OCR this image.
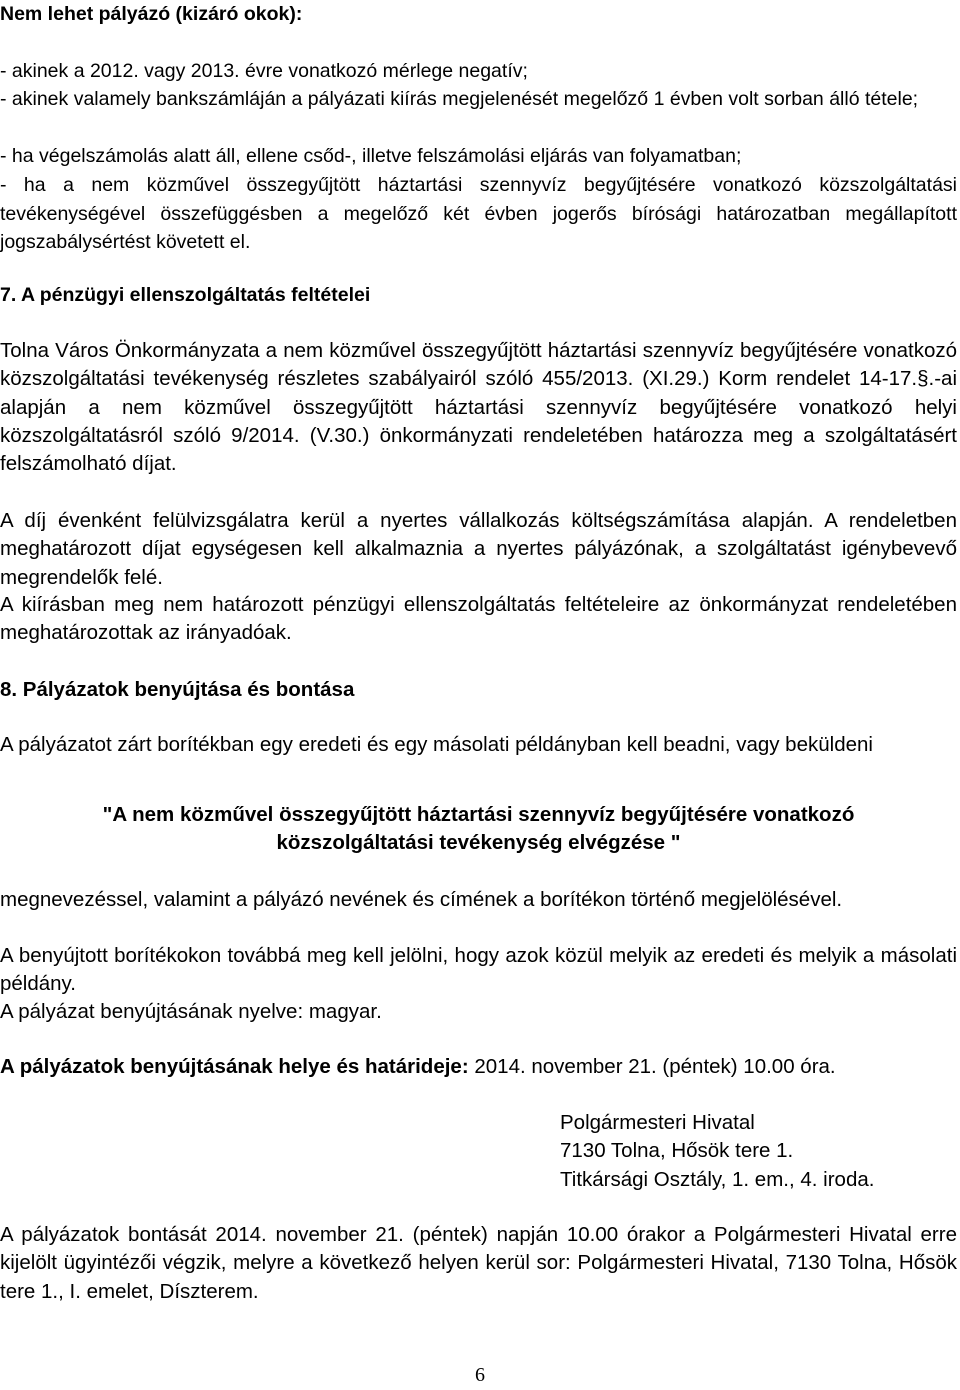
Nem lehet pályázó (kizáró okok):
- akinek a 2012. vagy 2013. évre vonatkozó mérlege negatív;
- akinek valamely bankszámláján a pályázati kiírás megjelenését megelőző 1 évben volt sorban álló tétele;
- ha végelszámolás alatt áll, ellene csőd-, illetve felszámolási eljárás van folyamatban;
- ha a nem közművel összegyűjtött háztartási szennyvíz begyűjtésére vonatkozó közszolgáltatási tevékenységével összefüggésben a megelőző két évben jogerős bírósági határozatban megállapított jogszabálysértést követett el.
7. A pénzügyi ellenszolgáltatás feltételei
Tolna Város Önkormányzata a nem közművel összegyűjtött háztartási szennyvíz begyűjtésére vonatkozó közszolgáltatási tevékenység részletes szabályairól szóló 455/2013. (XI.29.) Korm rendelet 14-17.§.-ai alapján a nem közművel összegyűjtött háztartási szennyvíz begyűjtésére vonatkozó helyi közszolgáltatásról szóló 9/2014. (V.30.) önkormányzati rendeletében határozza meg a szolgáltatásért felszámolható díjat.
A díj évenként felülvizsgálatra kerül a nyertes vállalkozás költségszámítása alapján. A rendeletben meghatározott díjat egységesen kell alkalmaznia a nyertes pályázónak, a szolgáltatást igénybevevő megrendelők felé.
A kiírásban meg nem határozott pénzügyi ellenszolgáltatás feltételeire az önkormányzat rendeletében meghatározottak az irányadóak.
8. Pályázatok benyújtása és bontása
A pályázatot zárt borítékban egy eredeti és egy másolati példányban kell beadni, vagy beküldeni
"A nem közművel összegyűjtött háztartási szennyvíz begyűjtésére vonatkozó
közszolgáltatási tevékenység elvégzése "
megnevezéssel, valamint a pályázó nevének és címének a borítékon történő megjelölésével.
A benyújtott borítékokon továbbá meg kell jelölni, hogy azok közül melyik az eredeti és melyik a másolati példány.
A pályázat benyújtásának nyelve: magyar.
A pályázatok benyújtásának helye és határideje: 2014. november 21. (péntek) 10.00 óra.
Polgármesteri Hivatal
7130 Tolna, Hősök tere 1.
Titkársági Osztály, 1. em., 4. iroda.
A pályázatok bontását 2014. november 21. (péntek) napján 10.00 órakor a Polgármesteri Hivatal erre kijelölt ügyintézői végzik, melyre a következő helyen kerül sor: Polgármesteri Hivatal, 7130 Tolna, Hősök tere 1., I. emelet, Díszterem.
6
